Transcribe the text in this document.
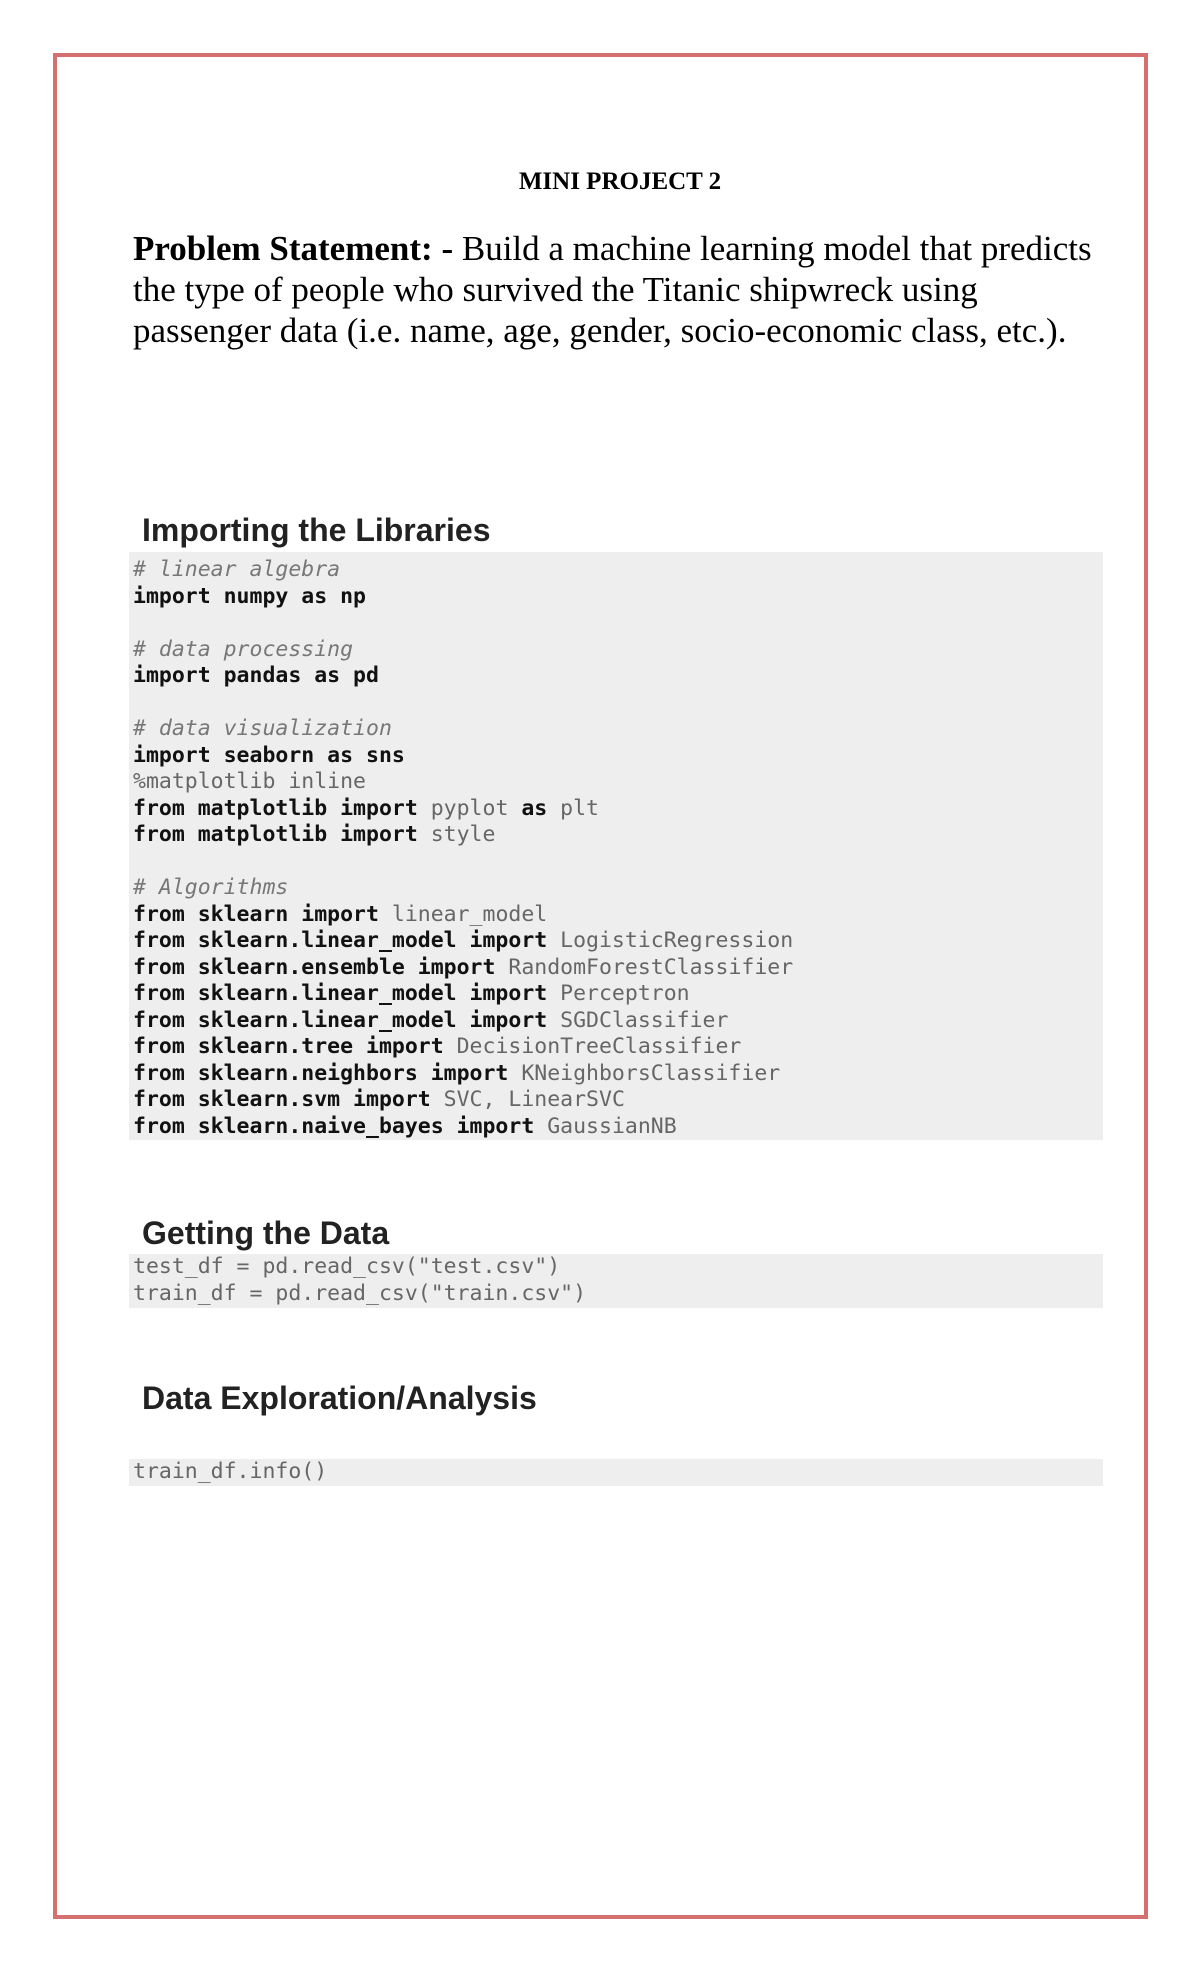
MINI PROJECT 2

Problem Statement: - Build a machine learning model that predicts the type of people who survived the Titanic shipwreck using passenger data (i.e. name, age, gender, socio-economic class, etc.).

Importing the Libraries
# linear algebra
import numpy as np
# data processing
import pandas as pd
# data visualization
import seaborn as sns
%matplotlib inline
from matplotlib import pyplot as plt
from matplotlib import style
# Algorithms
from sklearn import linear_model
from sklearn.linear_model import LogisticRegression
from sklearn.ensemble import RandomForestClassifier
from sklearn.linear_model import Perceptron
from sklearn.linear_model import SGDClassifier
from sklearn.tree import DecisionTreeClassifier
from sklearn.neighbors import KNeighborsClassifier
from sklearn.svm import SVC, LinearSVC
from sklearn.naive_bayes import GaussianNB
Getting the Data
test_df = pd.read_csv("test.csv")
train_df = pd.read_csv("train.csv")
Data Exploration/Analysis
train_df.info()
